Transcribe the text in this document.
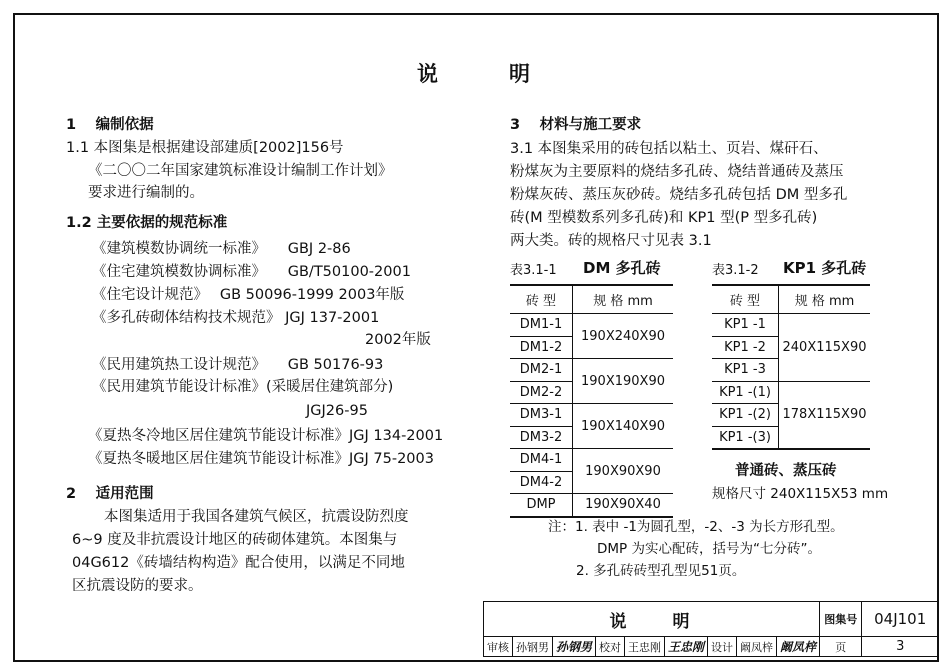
说　　　明
1　 编制依据
1.1 本图集是根据建设部建质[2002]156号
《二〇〇二年国家建筑标准设计编制工作计划》
要求进行编制的。
1.2 主要依据的规范标准
《建筑模数协调统一标准》　　GBJ 2-86
《住宅建筑模数协调标准》　　GB/T50100-2001
《住宅设计规范》　 GB 50096-1999 2003年版
《多孔砖砌体结构技术规范》 JGJ 137-2001
2002年版
《民用建筑热工设计规范》　　GB 50176-93
《民用建筑节能设计标准》(采暖居住建筑部分)
JGJ26-95
《夏热冬冷地区居住建筑节能设计标准》JGJ 134-2001
《夏热冬暖地区居住建筑节能设计标准》JGJ 75-2003
2　 适用范围
本图集适用于我国各建筑气候区，抗震设防烈度
6~9 度及非抗震设计地区的砖砌体建筑。本图集与
04G612《砖墙结构构造》配合使用，以满足不同地
区抗震设防的要求。
3　 材料与施工要求
3.1 本图集采用的砖包括以粘土、页岩、煤矸石、
粉煤灰为主要原料的烧结多孔砖、烧结普通砖及蒸压
粉煤灰砖、蒸压灰砂砖。烧结多孔砖包括 DM 型多孔
砖(M 型模数系列多孔砖)和 KP1 型(P 型多孔砖)
两大类。砖的规格尺寸见表 3.1
表3.1-1 DM 多孔砖
砖 型	规 格 mm
DM1-1	190X240X90
DM1-2	
DM2-1	190X190X90
DM2-2	
DM3-1	190X140X90
DM3-2	
DM4-1	190X90X90
DM4-2	
DMP	190X90X40
表3.1-2 KP1 多孔砖
砖 型	规 格 mm
KP1 -1	240X115X90
KP1 -2	
KP1 -3	
KP1 -(1)	178X115X90
KP1 -(2)	
KP1 -(3)	
普通砖、蒸压砖
规格尺寸 240X115X53 mm
注：1. 表中 -1为圆孔型，-2、-3 为长方形孔型。
DMP 为实心配砖，括号为“七分砖”。
2. 多孔砖砖型孔型见51页。
说　　明									图集号	04J101
审核	孙钢男	孙钢男	校对	王忠刚	王忠刚	设计	阚凤梓	阚凤梓	页	3
